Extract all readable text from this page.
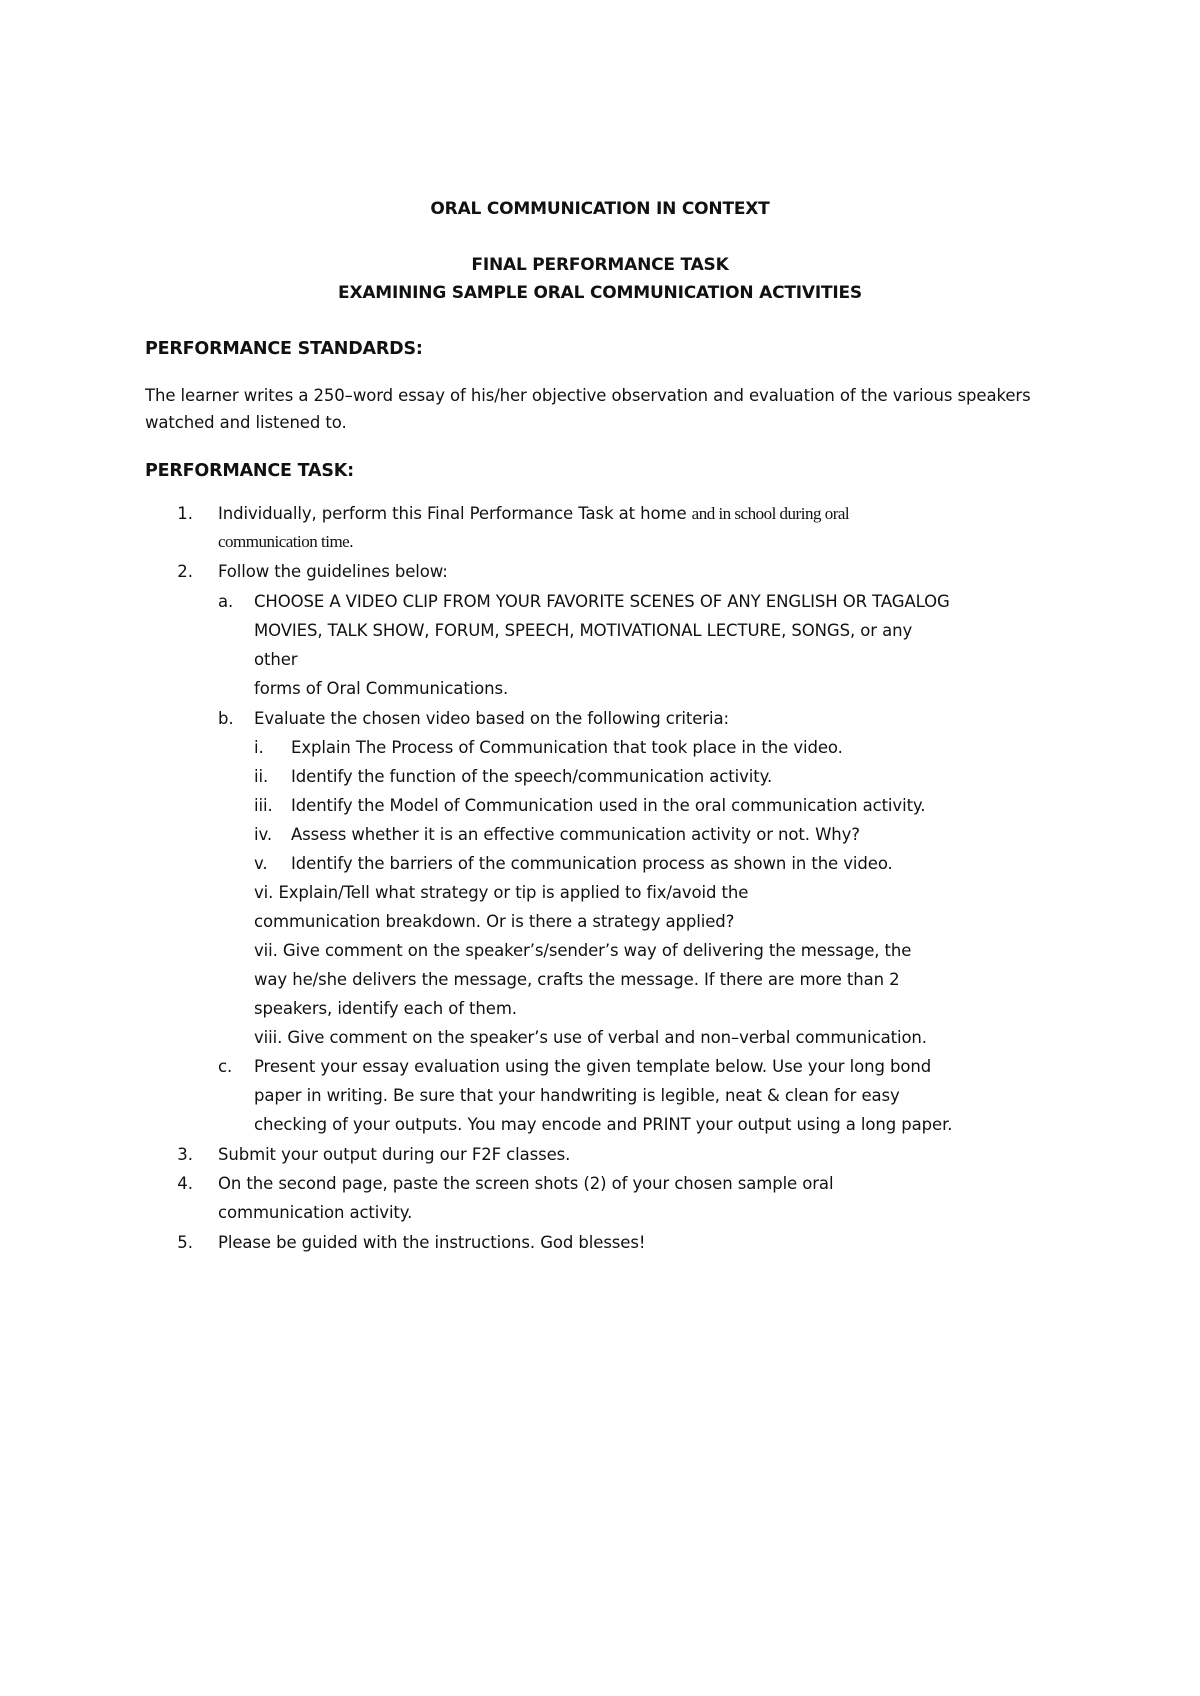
ORAL COMMUNICATION IN CONTEXT
FINAL PERFORMANCE TASK
EXAMINING SAMPLE ORAL COMMUNICATION ACTIVITIES
PERFORMANCE STANDARDS:
The learner writes a 250–word essay of his/her objective observation and evaluation of the various speakers watched and listened to.
PERFORMANCE TASK:
1. Individually, perform this Final Performance Task at home and in school during oral
communication time.
2. Follow the guidelines below:
a. CHOOSE A VIDEO CLIP FROM YOUR FAVORITE SCENES OF ANY ENGLISH OR TAGALOG
MOVIES, TALK SHOW, FORUM, SPEECH, MOTIVATIONAL LECTURE, SONGS, or any
other
forms of Oral Communications.
b. Evaluate the chosen video based on the following criteria:
i. Explain The Process of Communication that took place in the video.
ii. Identify the function of the speech/communication activity.
iii. Identify the Model of Communication used in the oral communication activity.
iv. Assess whether it is an effective communication activity or not. Why?
v. Identify the barriers of the communication process as shown in the video.
vi. Explain/Tell what strategy or tip is applied to fix/avoid the
communication breakdown. Or is there a strategy applied?
vii. Give comment on the speaker’s/sender’s way of delivering the message, the
way he/she delivers the message, crafts the message. If there are more than 2
speakers, identify each of them.
viii. Give comment on the speaker’s use of verbal and non–verbal communication.
c. Present your essay evaluation using the given template below. Use your long bond
paper in writing. Be sure that your handwriting is legible, neat & clean for easy
checking of your outputs. You may encode and PRINT your output using a long paper.
3. Submit your output during our F2F classes.
4. On the second page, paste the screen shots (2) of your chosen sample oral
communication activity.
5. Please be guided with the instructions. God blesses!
